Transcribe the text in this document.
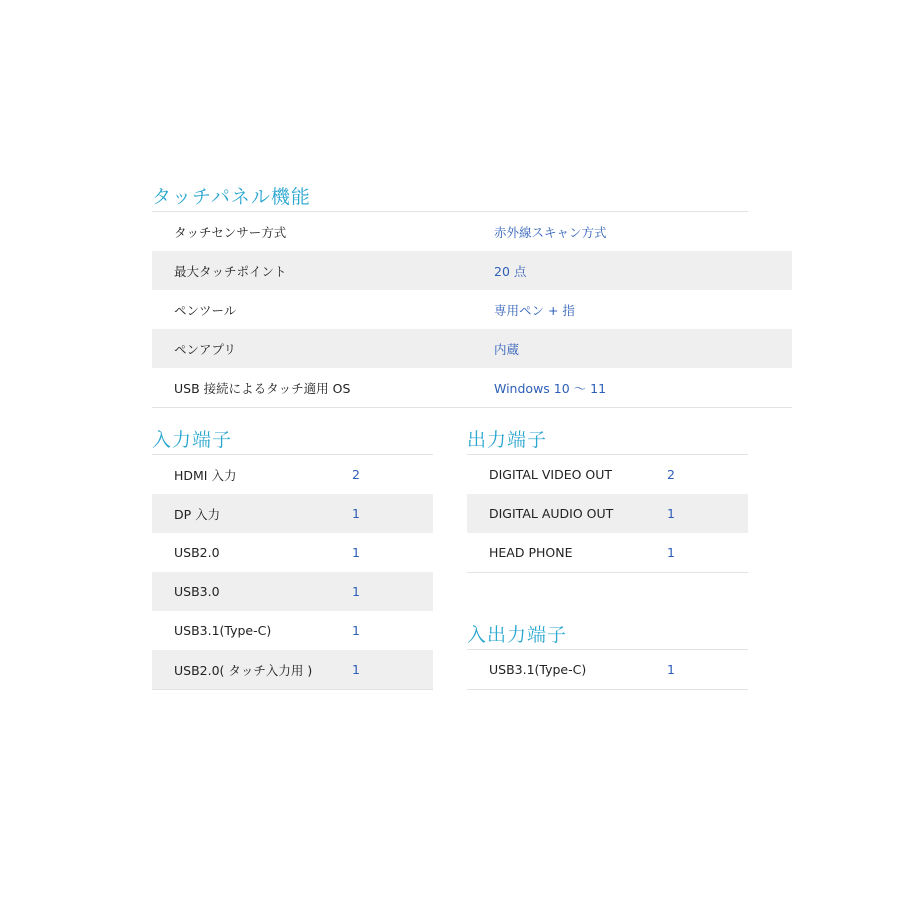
タッチパネル機能
タッチセンサー方式	赤外線スキャン方式
最大タッチポイント	20 点
ペンツール	専用ペン + 指
ペンアプリ	内蔵
USB 接続によるタッチ適用 OS	Windows 10 〜 11
入力端子
HDMI 入力	2
DP 入力	1
USB2.0	1
USB3.0	1
USB3.1(Type-C)	1
USB2.0( タッチ入力用 )	1
出力端子
DIGITAL VIDEO OUT	2
DIGITAL AUDIO OUT	1
HEAD PHONE	1
入出力端子
USB3.1(Type-C)	1
